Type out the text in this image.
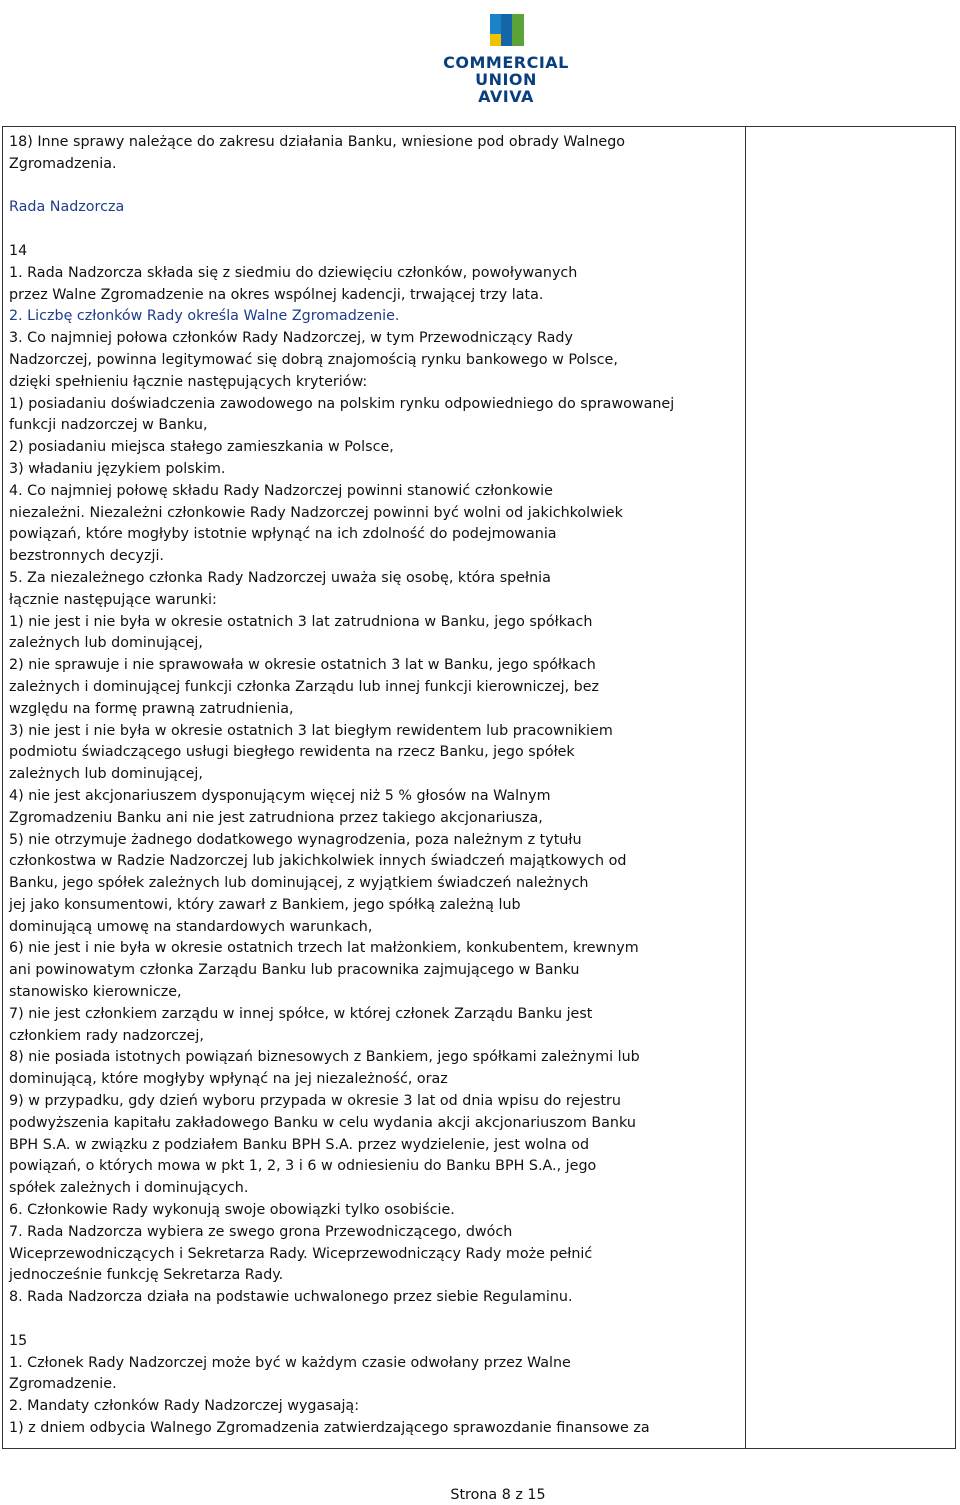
COMMERCIAL
UNION
AVIVA
18) Inne sprawy należące do zakresu działania Banku, wniesione pod obrady Walnego
Zgromadzenia.
Rada Nadzorcza
14
1. Rada Nadzorcza składa się z siedmiu do dziewięciu członków, powoływanych
przez Walne Zgromadzenie na okres wspólnej kadencji, trwającej trzy lata.
2. Liczbę członków Rady określa Walne Zgromadzenie.
3. Co najmniej połowa członków Rady Nadzorczej, w tym Przewodniczący Rady
Nadzorczej, powinna legitymować się dobrą znajomością rynku bankowego w Polsce,
dzięki spełnieniu łącznie następujących kryteriów:
1) posiadaniu doświadczenia zawodowego na polskim rynku odpowiedniego do sprawowanej
funkcji nadzorczej w Banku,
2) posiadaniu miejsca stałego zamieszkania w Polsce,
3) władaniu językiem polskim.
4. Co najmniej połowę składu Rady Nadzorczej powinni stanowić członkowie
niezależni. Niezależni członkowie Rady Nadzorczej powinni być wolni od jakichkolwiek
powiązań, które mogłyby istotnie wpłynąć na ich zdolność do podejmowania
bezstronnych decyzji.
5. Za niezależnego członka Rady Nadzorczej uważa się osobę, która spełnia
łącznie następujące warunki:
1) nie jest i nie była w okresie ostatnich 3 lat zatrudniona w Banku, jego spółkach
zależnych lub dominującej,
2) nie sprawuje i nie sprawowała w okresie ostatnich 3 lat w Banku, jego spółkach
zależnych i dominującej funkcji członka Zarządu lub innej funkcji kierowniczej, bez
względu na formę prawną zatrudnienia,
3) nie jest i nie była w okresie ostatnich 3 lat biegłym rewidentem lub pracownikiem
podmiotu świadczącego usługi biegłego rewidenta na rzecz Banku, jego spółek
zależnych lub dominującej,
4) nie jest akcjonariuszem dysponującym więcej niż 5 % głosów na Walnym
Zgromadzeniu Banku ani nie jest zatrudniona przez takiego akcjonariusza,
5) nie otrzymuje żadnego dodatkowego wynagrodzenia, poza należnym z tytułu
członkostwa w Radzie Nadzorczej lub jakichkolwiek innych świadczeń majątkowych od
Banku, jego spółek zależnych lub dominującej, z wyjątkiem świadczeń należnych
jej jako konsumentowi, który zawarł z Bankiem, jego spółką zależną lub
dominującą umowę na standardowych warunkach,
6) nie jest i nie była w okresie ostatnich trzech lat małżonkiem, konkubentem, krewnym
ani powinowatym członka Zarządu Banku lub pracownika zajmującego w Banku
stanowisko kierownicze,
7) nie jest członkiem zarządu w innej spółce, w której członek Zarządu Banku jest
członkiem rady nadzorczej,
8) nie posiada istotnych powiązań biznesowych z Bankiem, jego spółkami zależnymi lub
dominującą, które mogłyby wpłynąć na jej niezależność, oraz
9) w przypadku, gdy dzień wyboru przypada w okresie 3 lat od dnia wpisu do rejestru
podwyższenia kapitału zakładowego Banku w celu wydania akcji akcjonariuszom Banku
BPH S.A. w związku z podziałem Banku BPH S.A. przez wydzielenie, jest wolna od
powiązań, o których mowa w pkt 1, 2, 3 i 6 w odniesieniu do Banku BPH S.A., jego
spółek zależnych i dominujących.
6. Członkowie Rady wykonują swoje obowiązki tylko osobiście.
7. Rada Nadzorcza wybiera ze swego grona Przewodniczącego, dwóch
Wiceprzewodniczących i Sekretarza Rady. Wiceprzewodniczący Rady może pełnić
jednocześnie funkcję Sekretarza Rady.
8. Rada Nadzorcza działa na podstawie uchwalonego przez siebie Regulaminu.
15
1. Członek Rady Nadzorczej może być w każdym czasie odwołany przez Walne
Zgromadzenie.
2. Mandaty członków Rady Nadzorczej wygasają:
1) z dniem odbycia Walnego Zgromadzenia zatwierdzającego sprawozdanie finansowe za
Strona 8 z 15
